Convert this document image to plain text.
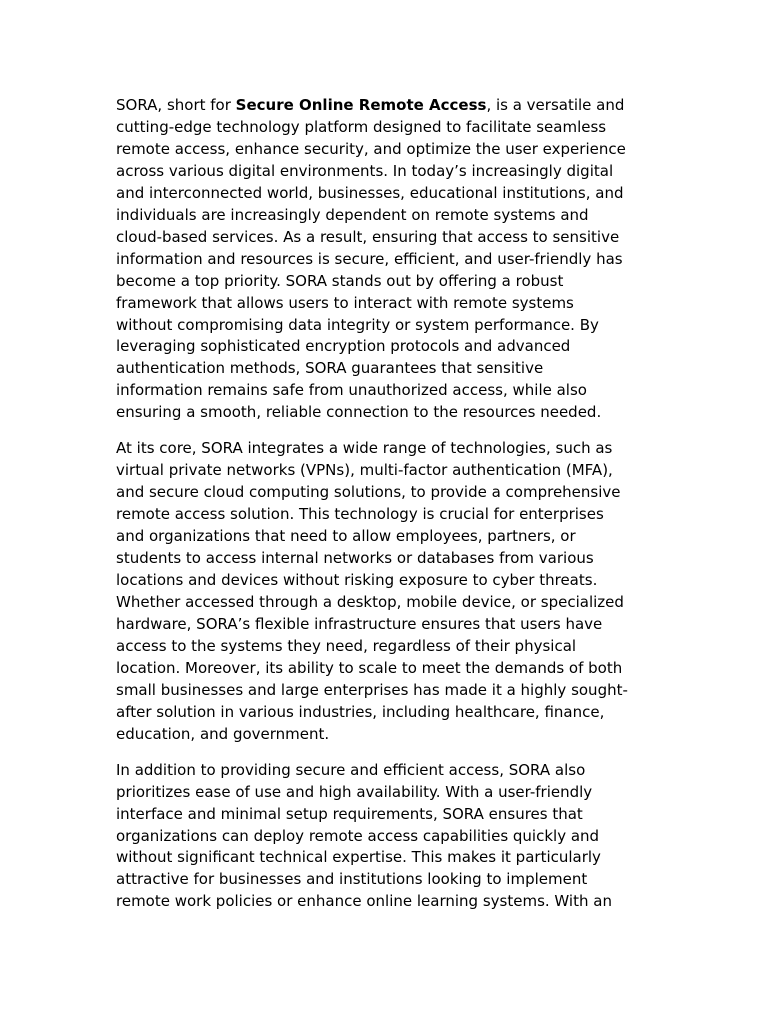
SORA, short for Secure Online Remote Access, is a versatile and
cutting-edge technology platform designed to facilitate seamless
remote access, enhance security, and optimize the user experience
across various digital environments. In today’s increasingly digital
and interconnected world, businesses, educational institutions, and
individuals are increasingly dependent on remote systems and
cloud-based services. As a result, ensuring that access to sensitive
information and resources is secure, efficient, and user-friendly has
become a top priority. SORA stands out by offering a robust
framework that allows users to interact with remote systems
without compromising data integrity or system performance. By
leveraging sophisticated encryption protocols and advanced
authentication methods, SORA guarantees that sensitive
information remains safe from unauthorized access, while also
ensuring a smooth, reliable connection to the resources needed.

At its core, SORA integrates a wide range of technologies, such as
virtual private networks (VPNs), multi-factor authentication (MFA),
and secure cloud computing solutions, to provide a comprehensive
remote access solution. This technology is crucial for enterprises
and organizations that need to allow employees, partners, or
students to access internal networks or databases from various
locations and devices without risking exposure to cyber threats.
Whether accessed through a desktop, mobile device, or specialized
hardware, SORA’s flexible infrastructure ensures that users have
access to the systems they need, regardless of their physical
location. Moreover, its ability to scale to meet the demands of both
small businesses and large enterprises has made it a highly sought-
after solution in various industries, including healthcare, finance,
education, and government.

In addition to providing secure and efficient access, SORA also
prioritizes ease of use and high availability. With a user-friendly
interface and minimal setup requirements, SORA ensures that
organizations can deploy remote access capabilities quickly and
without significant technical expertise. This makes it particularly
attractive for businesses and institutions looking to implement
remote work policies or enhance online learning systems. With an
